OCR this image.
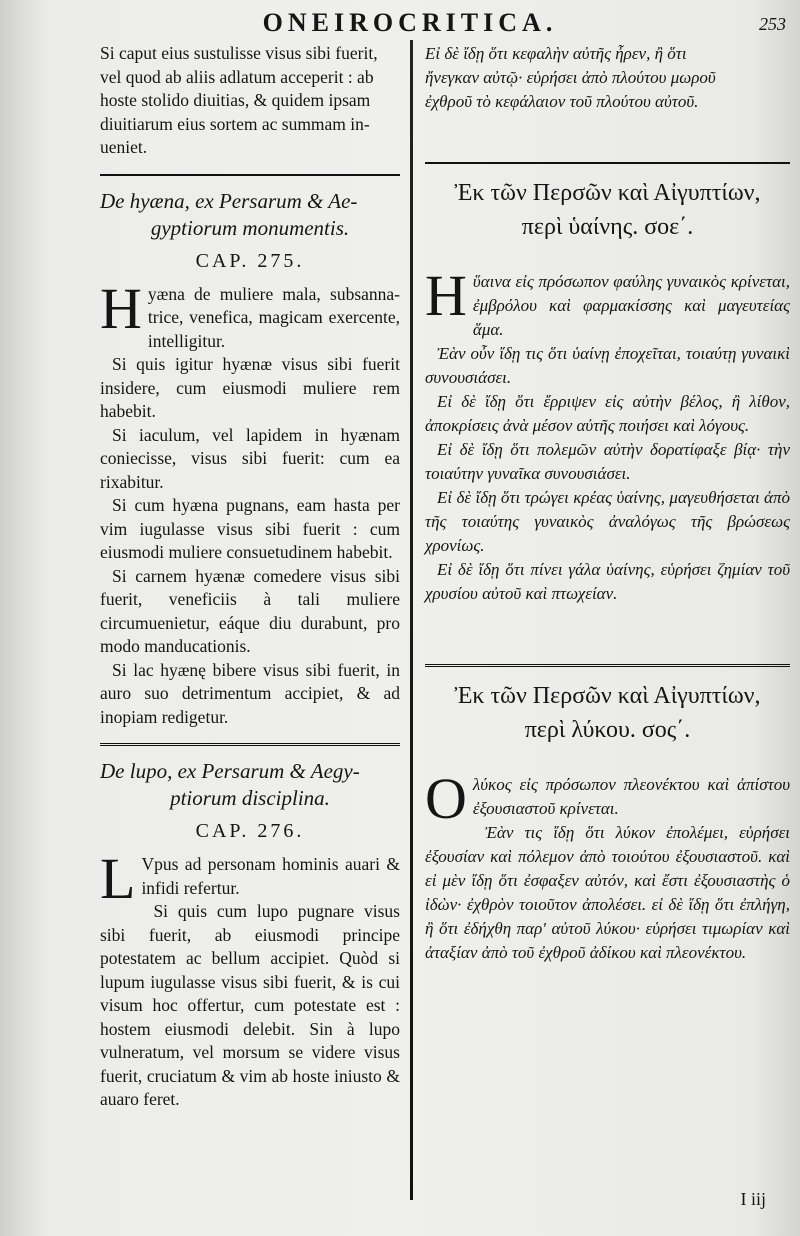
ONEIROCRITICA.	253

Si caput eius sustulisse visus sibi fuerit,

vel quod ab aliis adlatum acceperit : ab

hoste stolido diuitias, & quidem ipsam

diuitiarum eius sortem ac summam in-

ueniet.

De hyæna, ex Persarum & Ae-

gyptiorum monumentis.

CAP. 275.

H yæna de muliere mala, subsanna-trice, venefica, magicam exercente, intelligitur.

Si quis igitur hyænæ visus sibi fuerit insidere, cum eiusmodi muliere rem habebit.

Si iaculum, vel lapidem in hyænam coniecisse, visus sibi fuerit: cum ea rixabitur.

Si cum hyæna pugnans, eam hasta per vim iugulasse visus sibi fuerit : cum eiusmodi muliere consuetudinem habebit.

Si carnem hyænæ comedere visus sibi fuerit, veneficiis à tali muliere circumuenietur, eáque diu durabunt, pro modo manducationis.

Si lac hyænę bibere visus sibi fuerit, in auro suo detrimentum accipiet, & ad inopiam redigetur.

De lupo, ex Persarum & Aegy-

ptiorum disciplina.

CAP. 276.

L Vpus ad personam hominis auari & infidi refertur.

Si quis cum lupo pugnare visus sibi fuerit, ab eiusmodi principe potestatem ac bellum accipiet. Quòd si lupum iugulasse visus sibi fuerit, & is cui visum hoc offertur, cum potestate est : hostem eiusmodi delebit. Sin à lupo vulneratum, vel morsum se videre visus fuerit, cruciatum & vim ab hoste iniusto & auaro feret.

Εἰ δὲ ἴδῃ ὅτι κεφαλὴν αὐτῆς ἦρεν, ἢ ὅτι

ἤνεγκαν αὐτῷ· εὑρήσει ἀπὸ πλούτου μωροῦ

ἐχθροῦ τὸ κεφάλαιον τοῦ πλούτου αὐτοῦ.

Ἐκ τῶν Περσῶν καὶ Αἰγυπτίων,

περὶ ὑαίνης. σοε΄.

Η ὕαινα εἰς πρόσωπον φαύλης γυναικὸς κρίνεται, ἐμβρόλου καὶ φαρμακίσσης καὶ μαγευτείας ἅμα.

Ἐὰν οὖν ἴδῃ τις ὅτι ὑαίνῃ ἐποχεῖται, τοιαύτῃ γυναικὶ συνουσιάσει.

Εἰ δὲ ἴδῃ ὅτι ἔρριψεν εἰς αὐτὴν βέλος, ἢ λίθον, ἀποκρίσεις ἀνὰ μέσον αὐτῆς ποιήσει καὶ λόγους.

Εἰ δὲ ἴδῃ ὅτι πολεμῶν αὐτὴν δορατίφαξε βίᾳ· τὴν τοιαύτην γυναῖκα συνουσιάσει.

Εἰ δὲ ἴδῃ ὅτι τρώγει κρέας ὑαίνης, μαγευθήσεται ἀπὸ τῆς τοιαύτης γυναικὸς ἀναλόγως τῆς βρώσεως χρονίως.

Εἰ δὲ ἴδῃ ὅτι πίνει γάλα ὑαίνης, εὑρήσει ζημίαν τοῦ χρυσίου αὐτοῦ καὶ πτωχείαν.

Ἐκ τῶν Περσῶν καὶ Αἰγυπτίων,

περὶ λύκου. σος΄.

Ο λύκος εἰς πρόσωπον πλεονέκτου καὶ ἀπίστου ἐξουσιαστοῦ κρίνεται.

Ἐὰν τις ἴδῃ ὅτι λύκον ἐπολέμει, εὑρήσει ἐξουσίαν καὶ πόλεμον ἀπὸ τοιούτου ἐξουσιαστοῦ. καὶ εἰ μὲν ἴδῃ ὅτι ἐσφαξεν αὐτόν, καὶ ἔστι ἐξουσιαστὴς ὁ ἰδὼν· ἐχθρὸν τοιοῦτον ἀπολέσει. εἰ δὲ ἴδῃ ὅτι ἐπλήγη, ἢ ὅτι ἐδήχθη παρ' αὐτοῦ λύκου· εὑρήσει τιμωρίαν καὶ ἀταξίαν ἀπὸ τοῦ ἐχθροῦ ἀδίκου καὶ πλεονέκτου.

I iij
